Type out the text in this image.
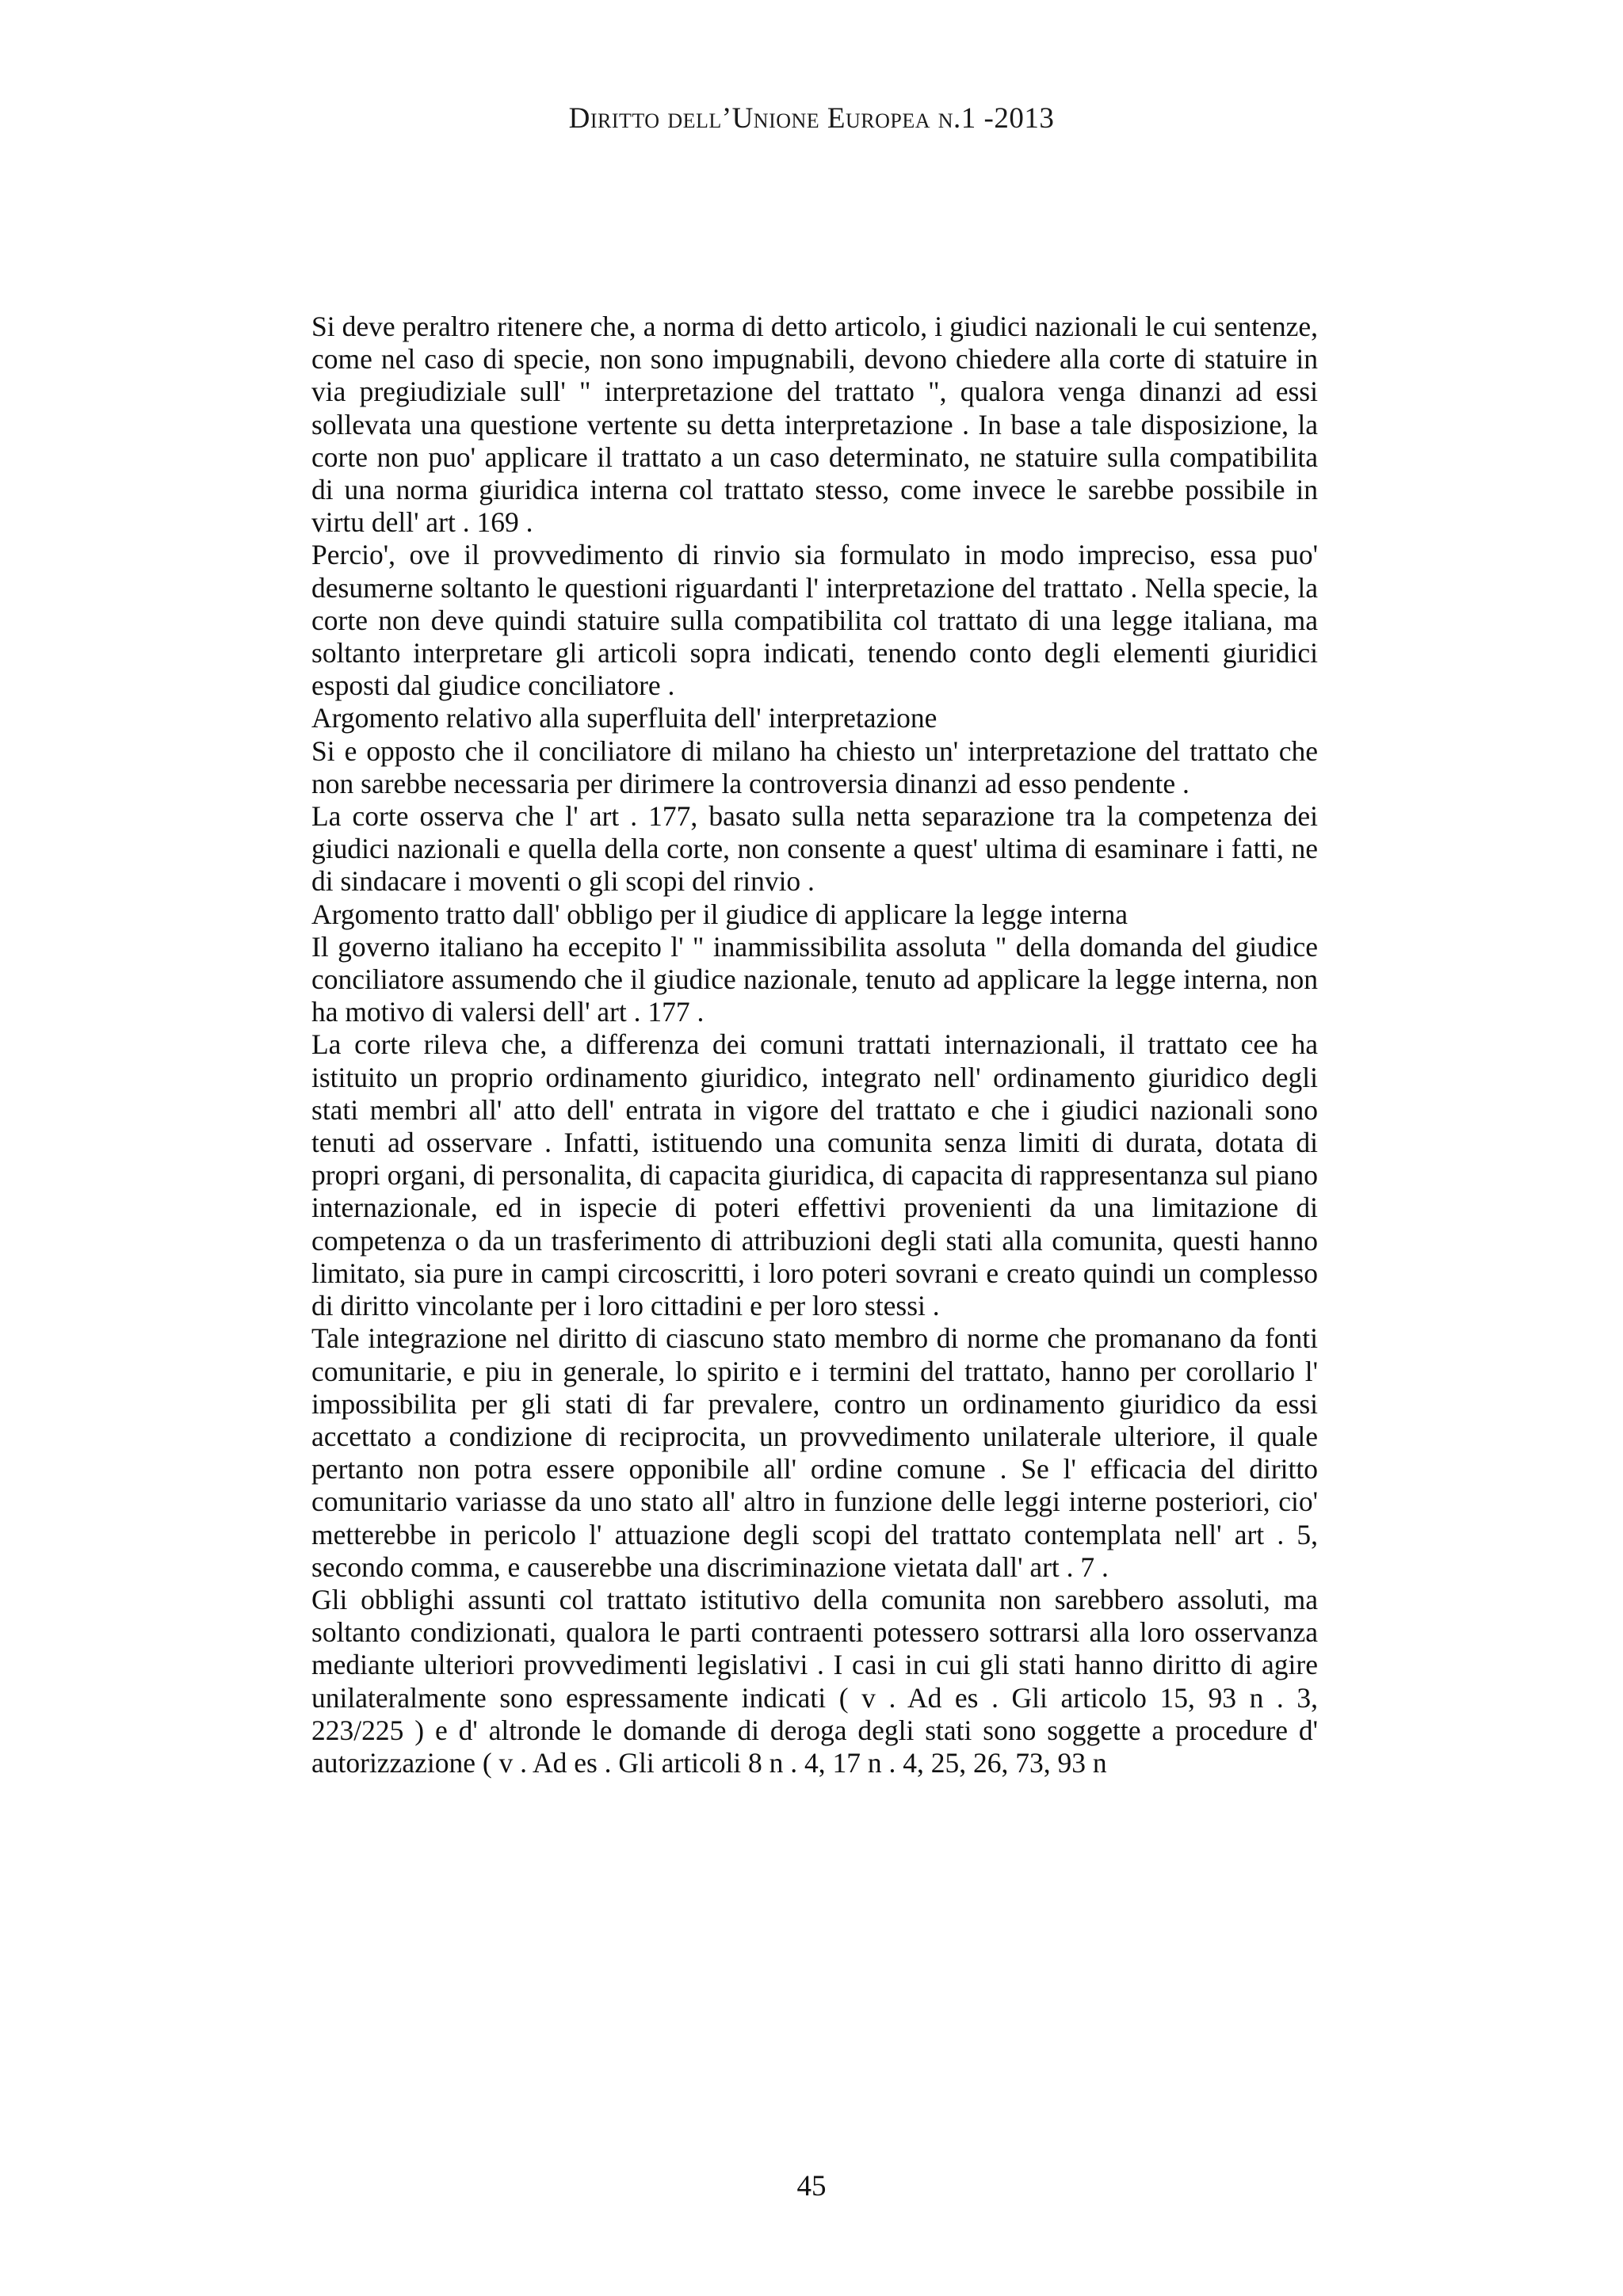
Diritto dell’Unione Europea n.1 -2013

Si deve peraltro ritenere che, a norma di detto articolo, i giudici nazionali le cui sentenze, come nel caso di specie, non sono impugnabili, devono chiedere alla corte di statuire in via pregiudiziale sull' " interpretazione del trattato ", qualora venga dinanzi ad essi sollevata una questione vertente su detta interpretazione . In base a tale disposizione, la corte non puo' applicare il trattato a un caso determinato, ne statuire sulla compatibilita di una norma giuridica interna col trattato stesso, come invece le sarebbe possibile in virtu dell' art . 169 .

Percio', ove il provvedimento di rinvio sia formulato in modo impreciso, essa puo' desumerne soltanto le questioni riguardanti l' interpretazione del trattato . Nella specie, la corte non deve quindi statuire sulla compatibilita col trattato di una legge italiana, ma soltanto interpretare gli articoli sopra indicati, tenendo conto degli elementi giuridici esposti dal giudice conciliatore .

Argomento relativo alla superfluita dell' interpretazione

Si e opposto che il conciliatore di milano ha chiesto un' interpretazione del trattato che non sarebbe necessaria per dirimere la controversia dinanzi ad esso pendente .

La corte osserva che l' art . 177, basato sulla netta separazione tra la competenza dei giudici nazionali e quella della corte, non consente a quest' ultima di esaminare i fatti, ne di sindacare i moventi o gli scopi del rinvio .

Argomento tratto dall' obbligo per il giudice di applicare la legge interna

Il governo italiano ha eccepito l' " inammissibilita assoluta " della domanda del giudice conciliatore assumendo che il giudice nazionale, tenuto ad applicare la legge interna, non ha motivo di valersi dell' art . 177 .

La corte rileva che, a differenza dei comuni trattati internazionali, il trattato cee ha istituito un proprio ordinamento giuridico, integrato nell' ordinamento giuridico degli stati membri all' atto dell' entrata in vigore del trattato e che i giudici nazionali sono tenuti ad osservare . Infatti, istituendo una comunita senza limiti di durata, dotata di propri organi, di personalita, di capacita giuridica, di capacita di rappresentanza sul piano internazionale, ed in ispecie di poteri effettivi provenienti da una limitazione di competenza o da un trasferimento di attribuzioni degli stati alla comunita, questi hanno limitato, sia pure in campi circoscritti, i loro poteri sovrani e creato quindi un complesso di diritto vincolante per i loro cittadini e per loro stessi .

Tale integrazione nel diritto di ciascuno stato membro di norme che promanano da fonti comunitarie, e piu in generale, lo spirito e i termini del trattato, hanno per corollario l' impossibilita per gli stati di far prevalere, contro un ordinamento giuridico da essi accettato a condizione di reciprocita, un provvedimento unilaterale ulteriore, il quale pertanto non potra essere opponibile all' ordine comune . Se l' efficacia del diritto comunitario variasse da uno stato all' altro in funzione delle leggi interne posteriori, cio' metterebbe in pericolo l' attuazione degli scopi del trattato contemplata nell' art . 5, secondo comma, e causerebbe una discriminazione vietata dall' art . 7 .

Gli obblighi assunti col trattato istitutivo della comunita non sarebbero assoluti, ma soltanto condizionati, qualora le parti contraenti potessero sottrarsi alla loro osservanza mediante ulteriori provvedimenti legislativi . I casi in cui gli stati hanno diritto di agire unilateralmente sono espressamente indicati ( v . Ad es . Gli articolo 15, 93 n . 3, 223/225 ) e d' altronde le domande di deroga degli stati sono soggette a procedure d' autorizzazione ( v . Ad es . Gli articoli 8 n . 4, 17 n . 4, 25, 26, 73, 93 n

45
